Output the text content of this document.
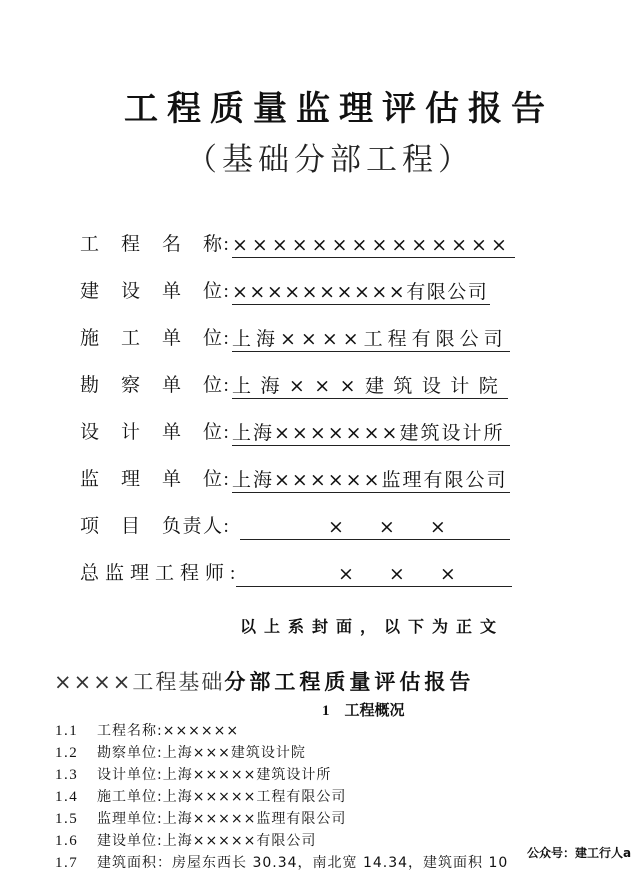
工程质量监理评估报告
（基础分部工程）
工　程　名　称:××××××××××××××
建　设　单　位:××××××××××有限公司
施　工　单　位:上海××××工程有限公司
勘　察　单　位:上 海 × × × 建 筑 设 计 院
设　计　单　位:上海×××××××建筑设计所
监　理　单　位:上海××××××监理有限公司
项　目　负责人:	×　×　×
总监理工程师:	×　×　×
以 上 系 封 面 ， 以 下 为 正 文
××××工程基础分部工程质量评估报告
1　工程概况
1.1 工程名称:××××××
1.2 勘察单位:上海×××建筑设计院
1.3 设计单位:上海×××××建筑设计所
1.4 施工单位:上海×××××工程有限公司
1.5 监理单位:上海×××××监理有限公司
1.6 建设单位:上海×××××有限公司
1.7 建筑面积：房屋东西长 30.34，南北宽 14.34，建筑面积 10
公众号：建工行人a
